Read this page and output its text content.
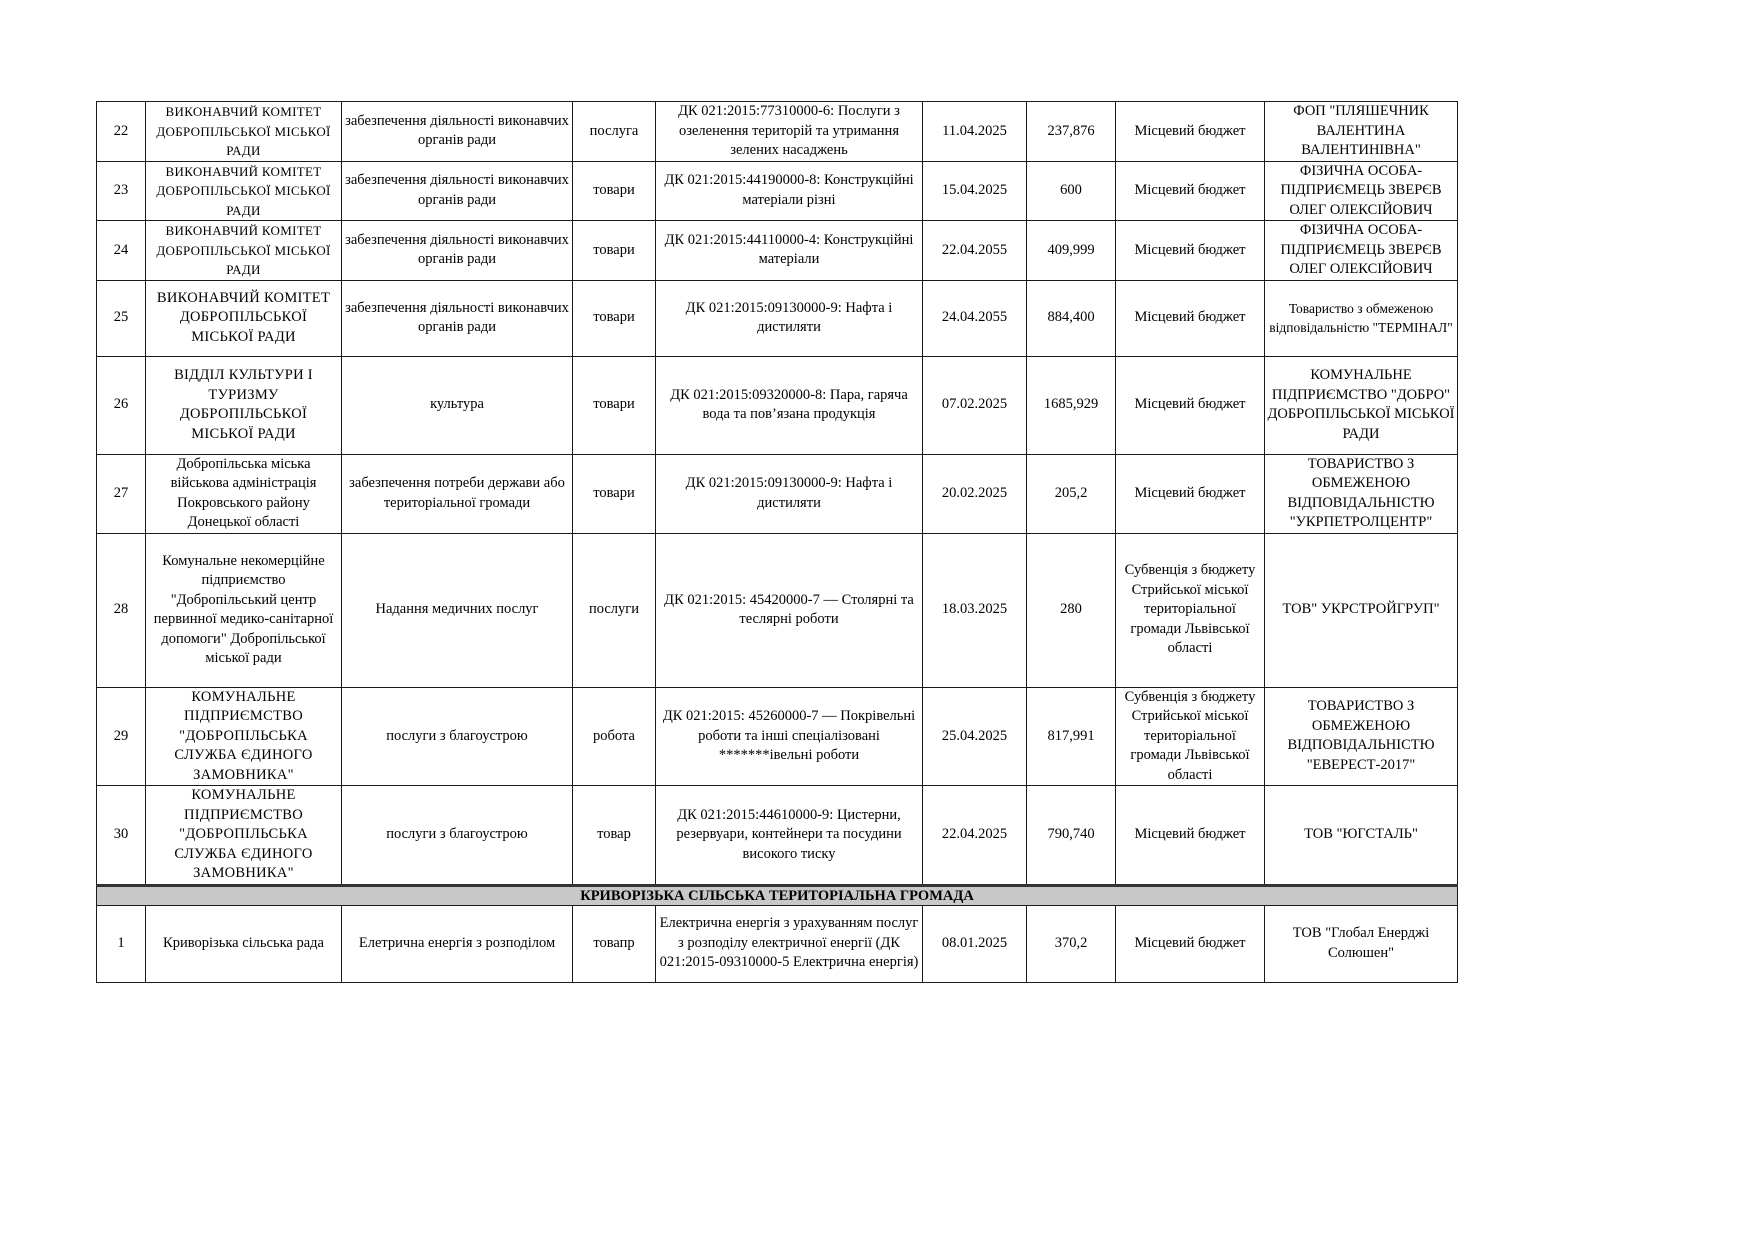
22	ВИКОНАВЧИЙ КОМІТЕТ ДОБРОПІЛЬСЬКОЇ МІСЬКОЇ РАДИ	забезпечення діяльності виконавчих органів ради	послуга	ДК 021:2015:77310000-6: Послуги з озеленення територій та утримання зелених насаджень	11.04.2025	237,876	Місцевий бюджет	ФОП "ПЛЯШЕЧНИК ВАЛЕНТИНА ВАЛЕНТИНІВНА"
23	ВИКОНАВЧИЙ КОМІТЕТ ДОБРОПІЛЬСЬКОЇ МІСЬКОЇ РАДИ	забезпечення діяльності виконавчих органів ради	товари	ДК 021:2015:44190000-8: Конструкційні матеріали різні	15.04.2025	600	Місцевий бюджет	ФІЗИЧНА ОСОБА-ПІДПРИЄМЕЦЬ ЗВЕРЄВ ОЛЕГ ОЛЕКСІЙОВИЧ
24	ВИКОНАВЧИЙ КОМІТЕТ ДОБРОПІЛЬСЬКОЇ МІСЬКОЇ РАДИ	забезпечення діяльності виконавчих органів ради	товари	ДК 021:2015:44110000-4: Конструкційні матеріали	22.04.2055	409,999	Місцевий бюджет	ФІЗИЧНА ОСОБА-ПІДПРИЄМЕЦЬ ЗВЕРЄВ ОЛЕГ ОЛЕКСІЙОВИЧ
25	ВИКОНАВЧИЙ КОМІТЕТ ДОБРОПІЛЬСЬКОЇ МІСЬКОЇ РАДИ	забезпечення діяльності виконавчих органів ради	товари	ДК 021:2015:09130000-9: Нафта і дистиляти	24.04.2055	884,400	Місцевий бюджет	Товариство з обмеженою відповідальністю "ТЕРМІНАЛ"
26	ВІДДІЛ КУЛЬТУРИ І ТУРИЗМУ ДОБРОПІЛЬСЬКОЇ МІСЬКОЇ РАДИ	культура	товари	ДК 021:2015:09320000-8: Пара, гаряча вода та пов’язана продукція	07.02.2025	1685,929	Місцевий бюджет	КОМУНАЛЬНЕ ПІДПРИЄМСТВО "ДОБРО" ДОБРОПІЛЬСЬКОЇ МІСЬКОЇ РАДИ
27	Добропільська міська військова адміністрація Покровського району Донецької області	забезпечення потреби держави або територіальної громади	товари	ДК 021:2015:09130000-9: Нафта і дистиляти	20.02.2025	205,2	Місцевий бюджет	ТОВАРИСТВО З ОБМЕЖЕНОЮ ВІДПОВІДАЛЬНІСТЮ "УКРПЕТРОЛЦЕНТР"
28	Комунальне некомерційне підприємство "Добропільський центр первинної медико-санітарної допомоги" Добропільської міської ради	Надання медичних послуг	послуги	ДК 021:2015: 45420000-7 — Столярні та теслярні роботи	18.03.2025	280	Субвенція з бюджету Стрийської міської територіальної громади Львівської області	ТОВ" УКРСТРОЙГРУП"
29	КОМУНАЛЬНЕ ПІДПРИЄМСТВО "ДОБРОПІЛЬСЬКА СЛУЖБА ЄДИНОГО ЗАМОВНИКА"	послуги з благоустрою	робота	ДК 021:2015: 45260000-7 — Покрівельні роботи та інші спеціалізовані *******івельні роботи	25.04.2025	817,991	Субвенція з бюджету Стрийської міської територіальної громади Львівської області	ТОВАРИСТВО З ОБМЕЖЕНОЮ ВІДПОВІДАЛЬНІСТЮ "ЕВЕРЕСТ-2017"
30	КОМУНАЛЬНЕ ПІДПРИЄМСТВО "ДОБРОПІЛЬСЬКА СЛУЖБА ЄДИНОГО ЗАМОВНИКА"	послуги з благоустрою	товар	ДК 021:2015:44610000-9: Цистерни, резервуари, контейнери та посудини високого тиску	22.04.2025	790,740	Місцевий бюджет	ТОВ "ЮГСТАЛЬ"
КРИВОРІЗЬКА СІЛЬСЬКА ТЕРИТОРІАЛЬНА ГРОМАДА								
1	Криворізька сільська рада	Елетрична енергія з розподілом	товапр	Електрична енергія з урахуванням послуг з розподілу електричної енергії (ДК 021:2015-09310000-5 Електрична енергія)	08.01.2025	370,2	Місцевий бюджет	ТОВ "Глобал Енерджі Солюшен"
